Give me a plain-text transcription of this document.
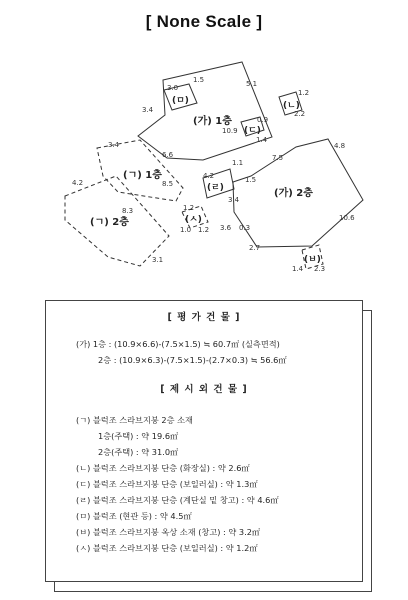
[ None Scale ]
(가) 1층
(가) 2층
(ㄱ) 1층
(ㄱ) 2층
(ㅁ)	(ㄴ)
(ㄷ)
(ㄹ)
(ㅅ)
(ㅂ)
3.0
1.5	5.1
3.4
1.2
2.2
0.9
10.9
1.4
3.4
6.6
4.2	8.5
8.3
4.2
1.1
7.5
4.8
1.5
1.2
3.4
10.6
1.0 1.2 3.6 0.3
2.7
3.1
1.4 2.3
[ 평 가 건 물 ]
(가) 1층 : (10.9×6.6)-(7.5×1.5) ≒ 60.7㎡ (실측면적)
2층 : (10.9×6.3)-(7.5×1.5)-(2.7×0.3) ≒ 56.6㎡
[ 제 시 외 건 물 ]
(ㄱ) 블럭조 스라브지붕 2층 소재
1층(주택) : 약 19.6㎡
2층(주택) : 약 31.0㎡
(ㄴ) 블럭조 스라브지붕 단층 (화장실) : 약 2.6㎡
(ㄷ) 블럭조 스라브지붕 단층 (보일러실) : 약 1.3㎡
(ㄹ) 블럭조 스라브지붕 단층 (계단실 밑 창고) : 약 4.6㎡
(ㅁ) 블럭조 (현관 등) : 약 4.5㎡
(ㅂ) 블럭조 스라브지붕 옥상 소재 (창고) : 약 3.2㎡
(ㅅ) 블럭조 스라브지붕 단층 (보일러실) : 약 1.2㎡
